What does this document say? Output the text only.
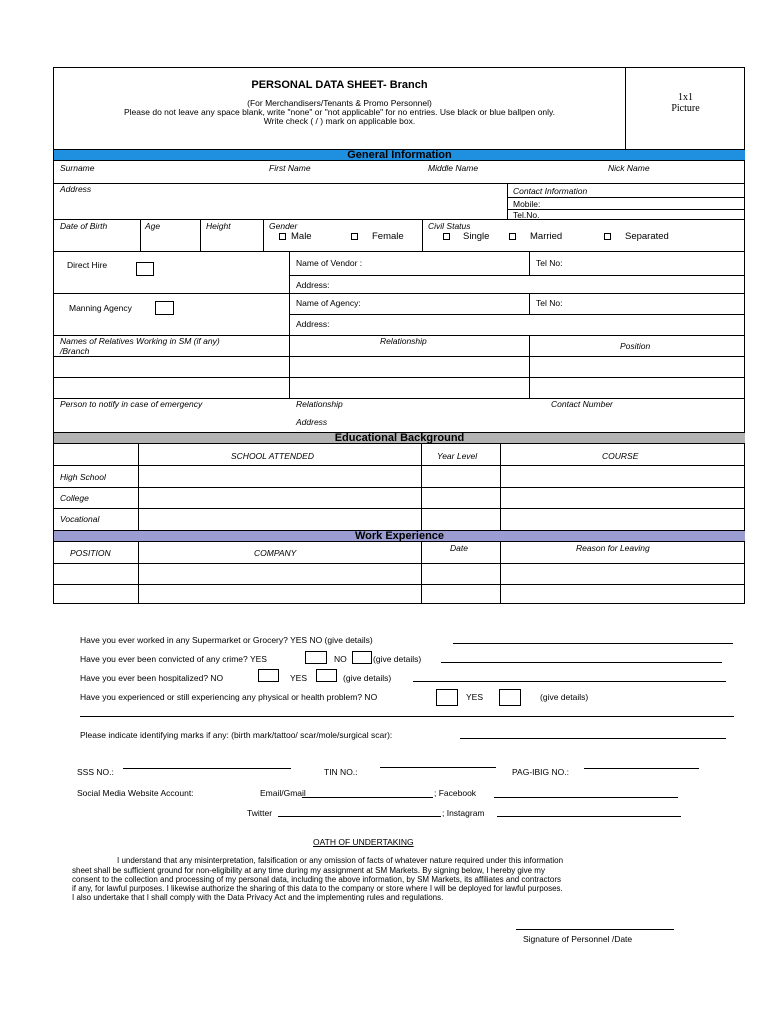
PERSONAL DATA SHEET- Branch
(For Merchandisers/Tenants & Promo Personnel)
Please do not leave any space blank, write "none" or "not applicable" for no entries. Use black or blue ballpen only.
Write check ( / ) mark on applicable box.
1x1
Picture
General Information
Surname	First Name	Middle Name	Nick Name
Address	Contact Information
Mobile:
Tel.No.
Date of Birth	Age	Height	Gender
Male	Female
Civil Status
Single	Married	Separated
Direct Hire	Name of Vendor :	Tel No:
Address:
Manning Agency	Name of Agency:	Tel No:
Address:
Names of Relatives Working in SM (if any)
/Branch
Relationship	Position
Person to notify in case of emergency	Relationship	Contact Number
Address
Educational Background
SCHOOL ATTENDED	Year Level	COURSE
High School
College
Vocational
Work Experience
POSITION	COMPANY	Date	Reason for Leaving
Have you ever worked in any Supermarket or Grocery? YES NO (give details)
Have you ever been convicted of any crime? YES	NO	(give details)
Have you ever been hospitalized? NO	YES	(give details)
Have you experienced or still experiencing any physical or health problem? NO	YES	(give details)
Please indicate identifying marks if any: (birth mark/tattoo/ scar/mole/surgical scar):
SSS NO.:	TIN NO.:	PAG-IBIG NO.:
Social Media Website Account:	Email/Gmail	; Facebook
Twitter	; Instagram
OATH OF UNDERTAKING
I understand that any misinterpretation, falsification or any omission of facts of whatever nature required under this information
sheet shall be sufficient ground for non-eligibility at any time during my assignment at SM Markets. By signing below, I hereby give my
consent to the collection and processing of my personal data, including the above information, by SM Markets, its affiliates and contractors
if any, for lawful purposes. I likewise authorize the sharing of this data to the company or store where I will be deployed for lawful purposes.
I also undertake that I shall comply with the Data Privacy Act and the implementing rules and regulations.
Signature of Personnel /Date
